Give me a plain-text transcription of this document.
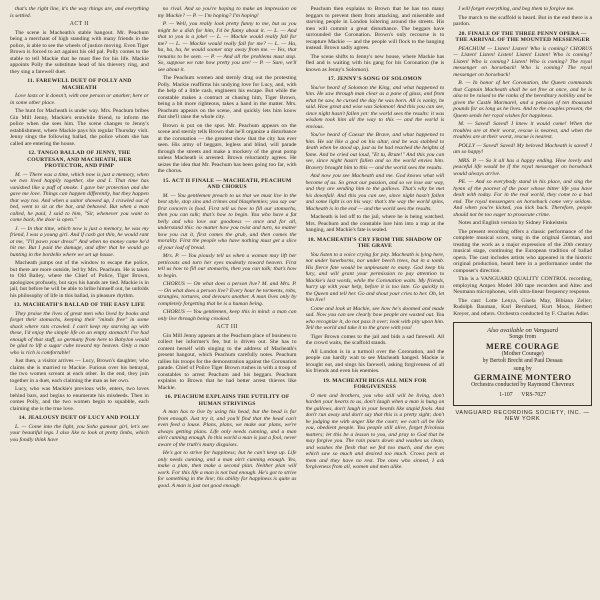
that's the right line, it's the way things are, and everything is settled.

ACT II

The scene is Macheath's stable hangout. Mr. Peachum being a merchant of high standing with many friends in the police, is able to see the wheels of justice moving. Even Tiger Brown is forced to act against his old pal. Polly comes to the stable to tell Mackie that he must flee for his life. Mackie appoints Polly the substitute head of his thievery ring, and they sing a farewell duet.

11. FAREWELL DUET OF POLLY AND MACHEATH

Love lasts or it doesn't, with one person or another, here or in some other place.

The hunt for Macheath is under way. Mrs. Peachum bribes Gin Mill Jenny, Mackie's erstwhile friend, to inform the police when she sees him. The scene changes to Jenny's establishment, where Mackie pays his regular Thursday visit. Jenny sings the following ballad, the police whom she has called are entering the house.

12. TANGO BALLAD OF JENNY, THE COURTESAN, AND MACHEATH, HER PROTECTOR, AND PIMP

M. — There was a time, which now is just a memory, when we two lived happily together, she and I. That time has vanished like a puff of smoke. I gave her protection and she gave me love. Things can happen differently, but they happen that way too. And when a suitor showed up, I crawled out of bed, went to sit at the bar, and behaved. But when a man called, he paid, I said to him, "Sir, whenever you want to come back, the door is open."

J. — In that time, which now is just a memory, he was my friend, I was a young girl. And if cash got thin, he would rant at me, "I'll pawn your dress!" And when no money came he'd hit me. But I paid the damage, and after that he would go hunting in the bordello where we set up house.

Macheath jumps out of the window to escape the police, but there are more outside, led by Mrs. Peachum. He is taken to Old Bailey, where the Chief of Police, Tiger Brown, apologizes profusely, but says his hands are tied. Mackie is in jail, but before he will be able to bribe himself out, he unfolds his philosophy of life in this ballad, in pleasure rhythm.

13. MACHEATH'S BALLAD OF THE EASY LIFE

They praise the lives of great men who lived by books and forget their stomachs, keeping their "minds free" in some shack where rats crawled. I can't keep my starving up with these, I'd enjoy the simple life on an empty stomach! I've had enough of that stuff, so germany from here to Babylon would be glad to lift a sugar cube toward my heaven. Only a man who is rich is comfortable!

Just then, a visitor arrives — Lucy, Brown's daughter, who claims she is married to Mackie. Furious over his betrayal, the two women scream at each other. In the end, they join together in a duet, each claiming the man as her own.

Lucy, who was Mackie's previous wife, enters, two loves behind bars, and begins to enumerate his misdeeds. Then in comes Polly, and the two women begin to squabble, each claiming she is the true love.

14. JEALOUSY DUET OF LUCY AND POLLY

L. — Come into the light, you Soho gamour girl, let's see your beautiful legs. I also like to look at pretty limbs, which you fondly think have

no rival. And so you're hoping to make an impression on my Mackie? — P. — I'm hoping? I'm hoping!

P. — Well, you really look pretty funny to me, but as you might be a dish for him, I'd be funny about it. — L. — And that to you is a joke! — L. — Mackie would really fall for me? — L. — Mackie would really fall for me? — L. — Ha, ha, ha, ha, he would sooner stay away from me. — Yes, that remains to be seen. — P. — And all the problems must stop. So, suppose we rate how pretty you are! — P. — Sure, we'll see about it.

The Peachum women and sternly drag out the protesting Polly. Mackie reaffirms his undying love for Lucy, and, with the help of a little cash, engineers his escape. But while the constable makes a contract at chasing him, Tiger Brown, being a bit more righteous, takes a hand in the matter. Mrs. Peachum appears on the scene, and quickly lets him know that she'll raise the whole city.

Brown is put on the spot. Mr. Peachum appears on the scene and sternly tells Brown that he'll organize a disturbance at the coronation — the greatest show that the city has ever seen. His army of beggars, legless and blind, will parade through the streets and make a mockery of the great pomp unless Macheath is arrested. Brown reluctantly agrees. He seizes the idea that Mr. Peachum has been going too far, with the chorus.

15. ACT II FINALE — MACHEATH, PEACHUM AND CHORUS

M. — You gentlemen preach to us that we must live in the best style, stop sins and crimes and blasphemies; you say our first concern is food. First tell us how to fill our stomachs, then you can talk; that's how to begin. You who have a fat belly and who love our goodness — once and for all, understand this: no matter how you twist and turn, no matter how you cut it, first comes the grub, and then comes the morality. First the people who have nothing must get a slice of your loaf of bread.

Mrs. P. — You piously tell us when a woman may lift her petticoats and turn her eyes modestly toward heaven. First tell us how to fill our stomachs, then you can talk; that's how to begin.

CHORUS — On what does a person live? M. and Mrs. P. — On what does a person live? Every hour he torments, robs, strangles, tortures, and devours another. A man lives only by completely forgetting that he is a human being.

CHORUS — You gentlemen, keep this in mind: a man can only live through being crooked.

ACT III

Gin Mill Jenny appears at the Peachum place of business to collect her informer's fee, but is driven out. She has to content herself with singing to the address of Macheath's present hangout, which Peachum carefully notes. Peachum rallies his troops for the demonstration against the Coronation parade. Chief of Police Tiger Brown rushes in with a troop of constables to arrest Peachum and his beggars. Peachum explains to Brown that he had better arrest thieves like Mackie.

16. PEACHUM EXPLAINS THE FUTILITY OF HUMAN STRIVINGS

A man has to live by using his head, but the head is far from enough. Just try it, and you'll find that the head can't even feed a louse. Plans, plans, we make our plans, we're always getting plans. Life only needs cunning, and a man ain't cunning enough. In this world a man is just a fool, never aware of the truth's many disguises.

He's got to strive for happiness; but he can't keep up. Life only needs cunning, and a man ain't cunning enough. Yes, make a plan, then make a second plan. Neither plan will work. For this life a man is not bad enough. He's got to strive for something in the line; his ability for happiness is quite as good. A man is just not good enough.

Peachum then explains to Brown that he has too many beggars to prevent them from attacking, and miserable and starving people in London loitering around the streets. His men will commit a great disturbance. The beggars have surrounded the Coronation. Brown's only recourse is to recapture Mackie — and the people will flock to the hanging instead. Brown sadly agrees.

The scene shifts to Jenny's new house, where Mackie has fled and is waiting with his gang for his Coronation (he is known as Jenny's Solomon).

17. JENNY'S SONG OF SOLOMON

You've heard of Solomon the King, and what happened to him. He saw through man clear as a pane of glass, and from what he saw, he cursed the day he was born. All is vanity, he said. How great and wise was Solomon! And this you can see, since night hasn't fallen yet: the world sees the results: it was wisdom took him all the way to this — and the world is envious.

You've heard of Caesar the Brave, and what happened to him. He sat like a god on his altar, and he was stabbed to death when he stood up, just as he had reached the heights of fame. And he cried out loud, "Et tu, Brute!" And this you can see, since night hasn't fallen and so the world envies him. Bravery brought him to this — and the world sees the results.

And now you see Macheath and me. God knows what will become of us. So great our passion, and so we lose our way, and they are sending him to the gallows. That's why he met his downfall. And this you can see, since night hasn't fallen and some light is on his way: that's the way the world spins, Macheath is in the end — and the world sees the results.

Macheath is led off to the jail, where he is being watched. Mrs. Peachum and the constable lure him into a trap at the hanging, and Mackie's fate is sealed.

18. MACHEATH'S CRY FROM THE SHADOW OF THE GRAVE

You listen to a voice crying for pity. Macheath is lying here, not under hawthorns, nor under beech trees, but in a tomb. His fierce fate would be unpleasant to many. God keep his fury, and will grant your permission to pay attention to Mackie's last words, while the Coronation waits. My friends, hurry up with your help, before it is too late. Go quickly to the Queen and tell her. Go and shout your cries to her. Oh, let him live!

Come and look at Mackie, see how he's doomed and made sad. Now you can see clearly how people are wasted out. You who recognize it, do not pass it over; look with pity upon him. Tell the world and take it to the grave with you!

Tiger Brown comes to the jail and bids a sad farewell. All the crowd waits, the scaffold stands.

All London is in a turmoil over the Coronation, and the people can hardly wait to see Macheath hanged. Mackie is brought out, and sings his farewell, asking forgiveness of all his friends and even his enemies.

19. MACHEATH BEGS ALL MEN FOR FORGIVENESS

O men and brothers, you who still will be living, don't harden your hearts to us, don't laugh when a man is hung on the gallows, don't laugh in your beards like stupid fools. And don't run away and don't say that this is a pretty sight; don't be judging me with anger like the court; we can't all be like you, obedient people. You people still alive, forget frivolous matters; let this be a lesson to you, and pray to God that he may forgive you. The rain pours down and washes us clean, and washes the flesh that we fed too much, and the eyes which saw so much and desired too much. Crows peck at them and they have no rest. The ones who sinned, I ask forgiveness from all, women and men alike.

I will forget everything, and beg them to forgive me.

The march to the scaffold is heard. But in the end there is a pardon.

20. FINALE OF THE THREE PENNY OPERA — THE ARRIVAL OF THE MOUNTED MESSENGER

PEACHUM — Listen! Listen! Who is coming? CHORUS — Listen! Listen! Listen! Listen! Listen! Who is coming? Listen! Who is coming? Listen! Who is coming? The royal messenger on horseback! Who is coming? The royal messenger on horseback!

B. — In honor of her Coronation, the Queen commands that Captain Macheath shall be set free at once, and he is also to be raised to the ranks of the hereditary nobility and be given the Castle Marmarel, and a pension of ten thousand pounds for as long as he lives. And to the couples present, the Queen sends her royal wishes for happiness.

M. — Saved! Saved! I knew it would come! When the troubles are at their worst, rescue is nearest, and when the troubles are at their worst, rescue is nearest.

POLLY — Saved! Saved! My beloved Macheath is saved! I am so happy!

MRS. P. — So it all has a happy ending. How lovely and peaceful life would be if the royal messenger on horseback would always arrive.

PE. — And so everybody stand in his place, and sing the hymn of the poorest of the poor whose bitter life you have dealt with today. For in the real world, they come to a bad end. The royal messengers on horseback come very seldom. And when you're kicked, you kick back. Therefore, people should not be too eager to prosecute crime.

Notes and English version by Sidney Finkelstein

The present recording offers a classic performance of the complete musical score, sung in the original German, and treating the work as a major expression of the 20th century musical stage, continuing the European tradition of ballad opera. The cast includes artists who appeared in the historic original production, heard here in a performance under the composer's direction.

This is a VANGUARD QUALITY CONTROL recording, employing Ampex Model 300 tape recorders and Altec and Neumann microphones, with ultra-linear frequency response.

The cast: Lotte Lenya, Gisela May, Bibiana Zeller; Rudolph Bauman, Karl Bernhard, Kurt Moos, Herbert Kreyer, and others. Orchestra conducted by F. Charles Adler.

Also available on Vanguard
Songs from
MERE COURAGE
(Mother Courage)
by Bertolt Brecht and Paul Dessau
sung by
GERMAINE MONTERO
Orchestra conducted by Raymond Chevreux
1-107 VRS-7027
VANGUARD RECORDING SOCIETY, INC. — NEW YORK
